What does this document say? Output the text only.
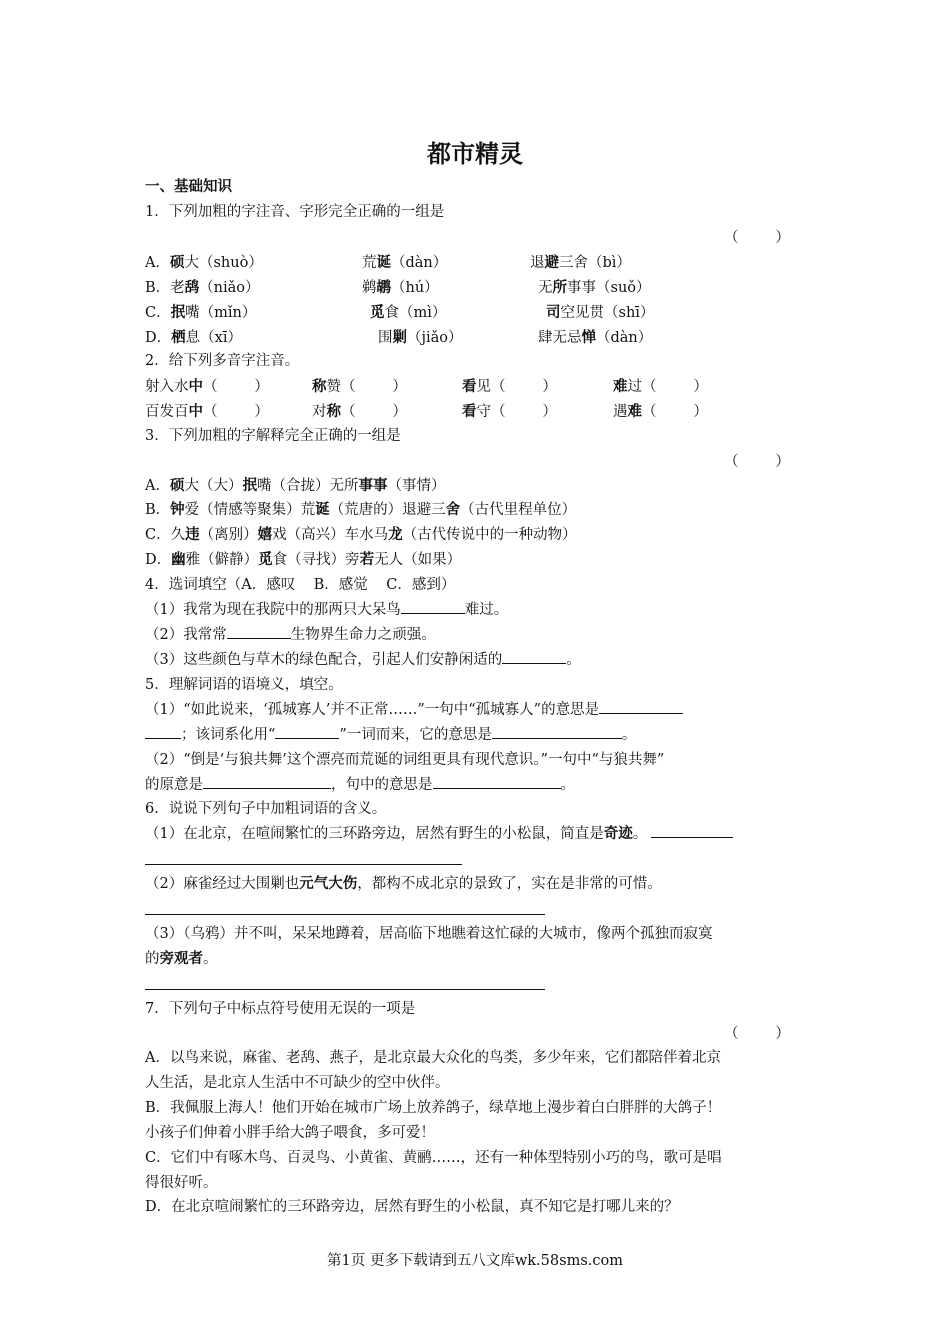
都市精灵
一、基础知识
1．下列加粗的字注音、字形完全正确的一组是
（        ）
A．硕大（shuò）	荒诞（dàn）	退避三舍（bì）
B．老鸹（niǎo）	鹈鹕（hú）	无所事事（suǒ）
C．抿嘴（mǐn）	觅食（mì）	司空见贯（shī）
D．栖息（xī）	围剿（jiǎo）	肆无忌惮（dàn）
2．给下列多音字注音。
射入水中（        ）	称赞（        ）	看见（        ）	难过（        ）
百发百中（        ）	对称（        ）	看守（        ）	遇难（        ）
3．下列加粗的字解释完全正确的一组是
（        ）
A．硕大（大）抿嘴（合拢）无所事事（事情）
B．钟爱（情感等聚集）荒诞（荒唐的）退避三舍（古代里程单位）
C．久违（离别）嬉戏（高兴）车水马龙（古代传说中的一种动物）
D．幽雅（僻静）觅食（寻找）旁若无人（如果）
4．选词填空（A．感叹    B．感觉    C．感到）
（1）我常为现在我院中的那两只大呆鸟	难过。
（2）我常常	生物界生命力之顽强。
（3）这些颜色与草木的绿色配合，引起人们安静闲适的	。
5．理解词语的语境义，填空。
（1）“如此说来，‘孤城寡人’并不正常……”一句中“孤城寡人”的意思是
；该词系化用“	”一词而来，它的意思是	。
（2）“倒是‘与狼共舞’这个漂亮而荒诞的词组更具有现代意识。”一句中“与狼共舞”
的原意是	，句中的意思是	。
6．说说下列句子中加粗词语的含义。
（1）在北京，在喧闹繁忙的三环路旁边，居然有野生的小松鼠，简直是奇迹。
（2）麻雀经过大围剿也元气大伤，都构不成北京的景致了，实在是非常的可惜。
（3）（乌鸦）并不叫，呆呆地蹲着，居高临下地瞧着这忙碌的大城市，像两个孤独而寂寞
的旁观者。
7．下列句子中标点符号使用无误的一项是
（        ）
A．以鸟来说，麻雀、老鸹、燕子，是北京最大众化的鸟类，多少年来，它们都陪伴着北京
人生活，是北京人生活中不可缺少的空中伙伴。
B．我佩服上海人！他们开始在城市广场上放养鸽子，绿草地上漫步着白白胖胖的大鸽子！
小孩子们伸着小胖手给大鸽子喂食，多可爱！
C．它们中有啄木鸟、百灵鸟、小黄雀、黄鹂……，还有一种体型特别小巧的鸟，歌可是唱
得很好听。
D．在北京喧闹繁忙的三环路旁边，居然有野生的小松鼠，真不知它是打哪儿来的？
第1页 更多下载请到五八文库wk.58sms.com
